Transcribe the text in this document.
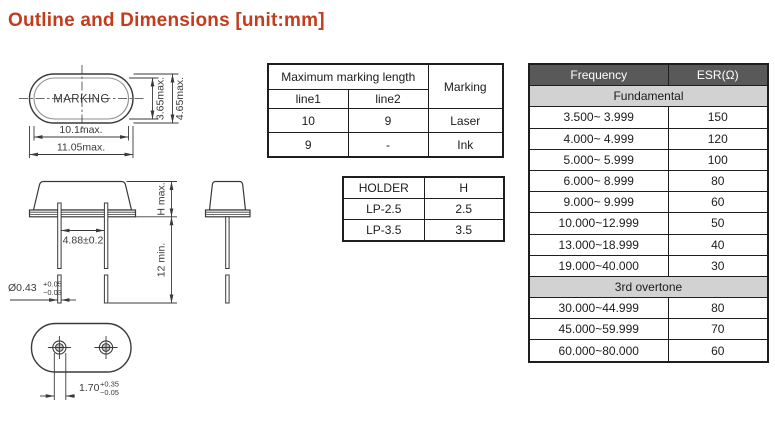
Outline and Dimensions [unit:mm]
MARKING	3.65max. 4.65max.
10.1max.
11.05max.
4.88±0.2
H max.
12 min.
Ø0.43 +0.05
−0.03
1.70 +0.35
−0.05
Maximum marking length		Marking
line1	line2	
10	9	Laser
9	-	Ink
HOLDER	H
LP-2.5	2.5
LP-3.5	3.5
Frequency	ESR(Ω)
Fundamental	
3.500~ 3.999	150
4.000~ 4.999	120
5.000~ 5.999	100
6.000~ 8.999	80
9.000~ 9.999	60
10.000~12.999	50
13.000~18.999	40
19.000~40.000	30
3rd overtone	
30.000~44.999	80
45.000~59.999	70
60.000~80.000	60
